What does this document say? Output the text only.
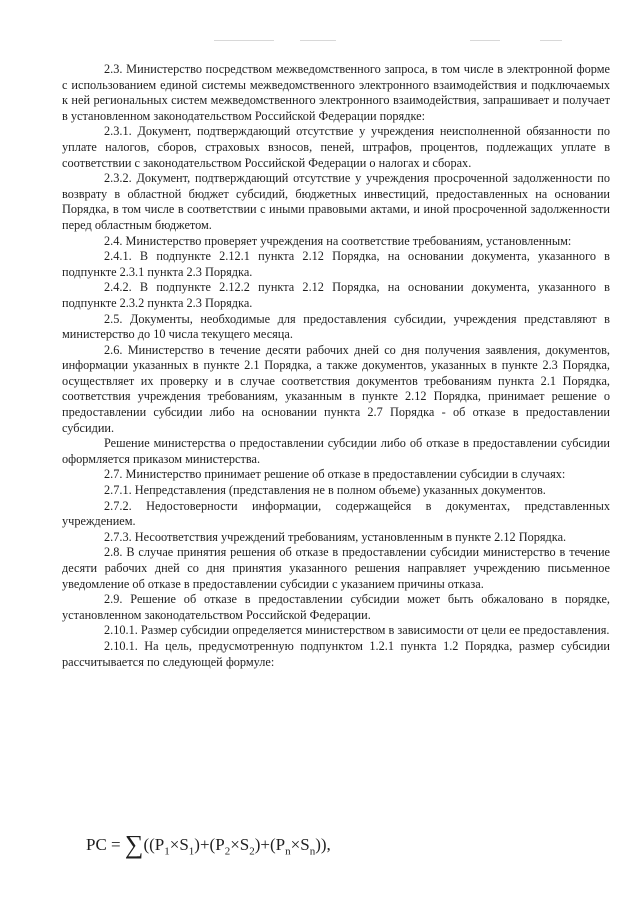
2.3. Министерство посредством межведомственного запроса, в том числе в электронной форме с использованием единой системы межведомственного электронного взаимодействия и подключаемых к ней региональных систем межведомственного электронного взаимодействия, запрашивает и получает в установленном законодательством Российской Федерации порядке:

2.3.1. Документ, подтверждающий отсутствие у учреждения неисполненной обязанности по уплате налогов, сборов, страховых взносов, пеней, штрафов, процентов, подлежащих уплате в соответствии с законодательством Российской Федерации о налогах и сборах.

2.3.2. Документ, подтверждающий отсутствие у учреждения просроченной задолженности по возврату в областной бюджет субсидий, бюджетных инвестиций, предоставленных на основании Порядка, в том числе в соответствии с иными правовыми актами, и иной просроченной задолженности перед областным бюджетом.

2.4. Министерство проверяет учреждения на соответствие требованиям, установленным:

2.4.1. В подпункте 2.12.1 пункта 2.12 Порядка, на основании документа, указанного в подпункте 2.3.1 пункта 2.3 Порядка.

2.4.2. В подпункте 2.12.2 пункта 2.12 Порядка, на основании документа, указанного в подпункте 2.3.2 пункта 2.3 Порядка.

2.5. Документы, необходимые для предоставления субсидии, учреждения представляют в министерство до 10 числа текущего месяца.

2.6. Министерство в течение десяти рабочих дней со дня получения заявления, документов, информации указанных в пункте 2.1 Порядка, а также документов, указанных в пункте 2.3 Порядка, осуществляет их проверку и в случае соответствия документов требованиям пункта 2.1 Порядка, соответствия учреждения требованиям, указанным в пункте 2.12 Порядка, принимает решение о предоставлении субсидии либо на основании пункта 2.7 Порядка - об отказе в предоставлении субсидии.

Решение министерства о предоставлении субсидии либо об отказе в предоставлении субсидии оформляется приказом министерства.

2.7. Министерство принимает решение об отказе в предоставлении субсидии в случаях:

2.7.1. Непредставления (представления не в полном объеме) указанных документов.

2.7.2. Недостоверности информации, содержащейся в документах, представленных учреждением.

2.7.3. Несоответствия учреждений требованиям, установленным в пункте 2.12 Порядка.

2.8. В случае принятия решения об отказе в предоставлении субсидии министерство в течение десяти рабочих дней со дня принятия указанного решения направляет учреждению письменное уведомление об отказе в предоставлении субсидии с указанием причины отказа.

2.9. Решение об отказе в предоставлении субсидии может быть обжаловано в порядке, установленном законодательством Российской Федерации.

2.10.1. Размер субсидии определяется министерством в зависимости от цели ее предоставления.

2.10.1. На цель, предусмотренную подпунктом 1.2.1 пункта 1.2 Порядка, размер субсидии рассчитывается по следующей формуле:

PC = $\sum((P_1\times S_1)+(P_2\times S_2)+(P_n\times S_n))$,
